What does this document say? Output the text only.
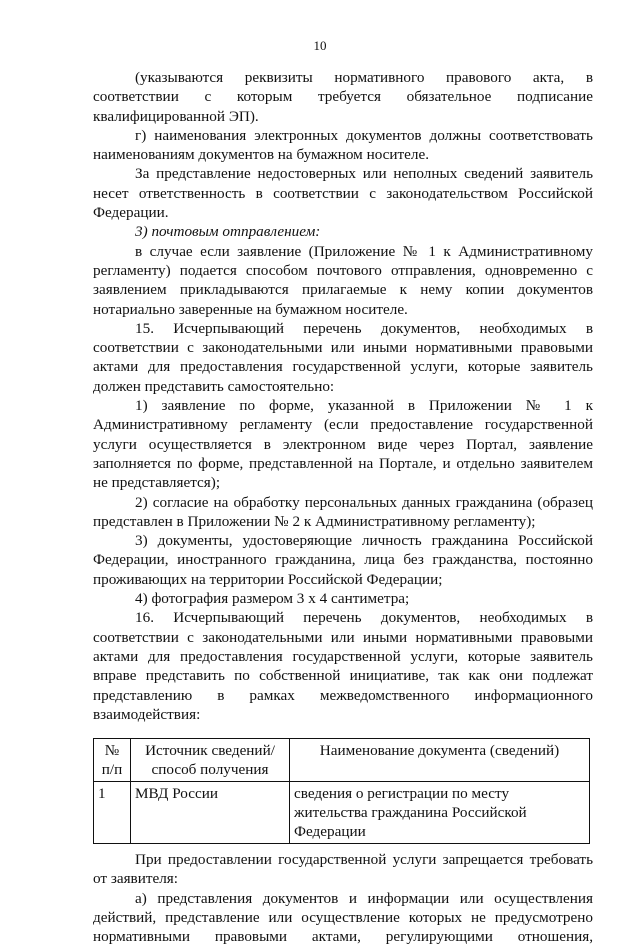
10

(указываются реквизиты нормативного правового акта, в соответствии с которым требуется обязательное подписание квалифицированной ЭП).

г) наименования электронных документов должны соответствовать наименованиям документов на бумажном носителе.

За представление недостоверных или неполных сведений заявитель несет ответственность в соответствии с законодательством Российской Федерации.

3) почтовым отправлением:

в случае если заявление (Приложение № 1 к Административному регламенту) подается способом почтового отправления, одновременно с заявлением прикладываются прилагаемые к нему копии документов нотариально заверенные на бумажном носителе.

15. Исчерпывающий перечень документов, необходимых в соответствии с законодательными или иными нормативными правовыми актами для предоставления государственной услуги, которые заявитель должен представить самостоятельно:

1) заявление по форме, указанной в Приложении № 1 к Административному регламенту (если предоставление государственной услуги осуществляется в электронном виде через Портал, заявление заполняется по форме, представленной на Портале, и отдельно заявителем не представляется);

2) согласие на обработку персональных данных гражданина (образец представлен в Приложении № 2 к Административному регламенту);

3) документы, удостоверяющие личность гражданина Российской Федерации, иностранного гражданина, лица без гражданства, постоянно проживающих на территории Российской Федерации;

4) фотография размером 3 х 4 сантиметра;

16. Исчерпывающий перечень документов, необходимых в соответствии с законодательными или иными нормативными правовыми актами для предоставления государственной услуги, которые заявитель вправе представить по собственной инициативе, так как они подлежат представлению в рамках межведомственного информационного взаимодействия:

№ п/п	Источник сведений/способ получения	Наименование документа (сведений)
1	МВД России	сведения о регистрации по месту жительства гражданина Российской Федерации

При предоставлении государственной услуги запрещается требовать от заявителя:

а) представления документов и информации или осуществления действий, представление или осуществление которых не предусмотрено нормативными правовыми актами, регулирующими отношения,
